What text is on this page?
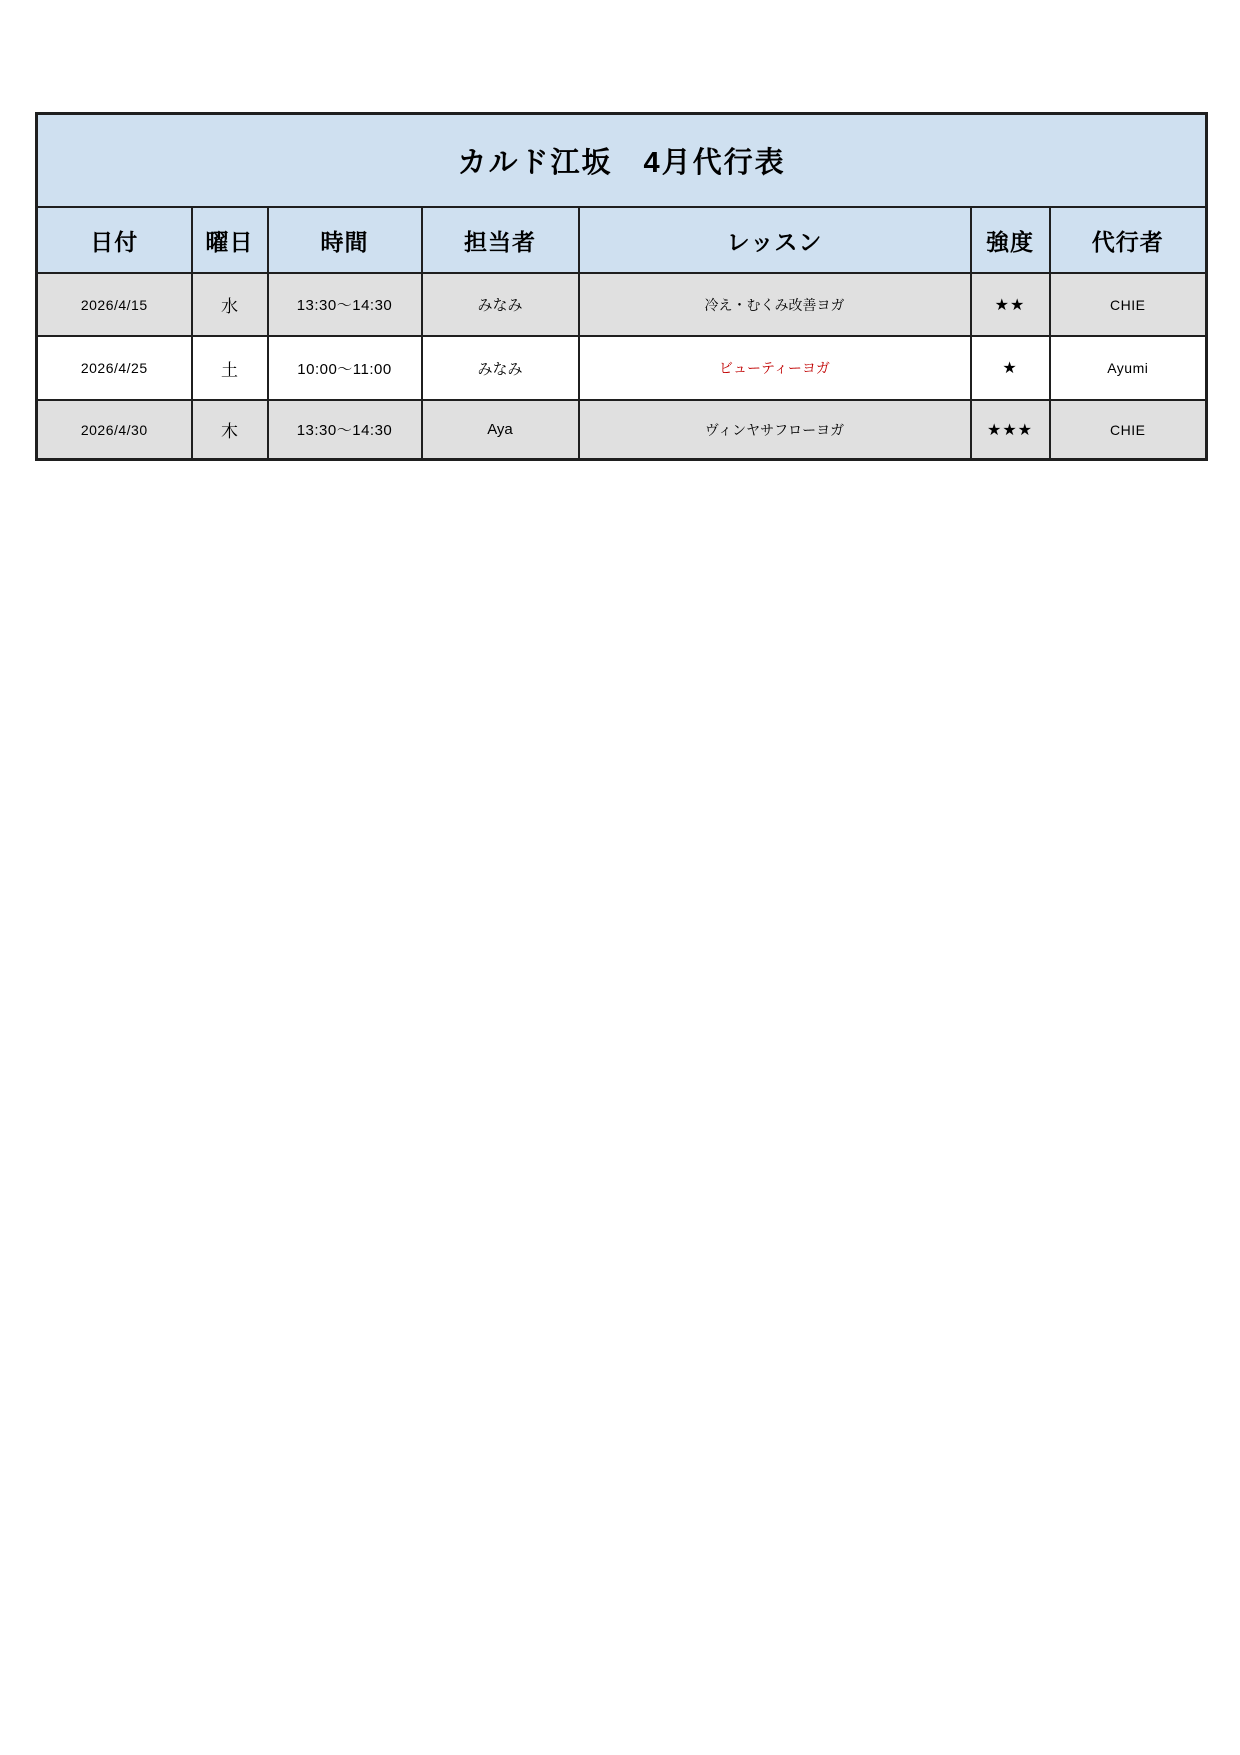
カルド江坂　4月代行表						
日付	曜日	時間	担当者	レッスン	強度	代行者
2026/4/15	水	13:30～14:30	みなみ	冷え・むくみ改善ヨガ	★★	CHIE
2026/4/25	土	10:00～11:00	みなみ	ビューティーヨガ	★	Ayumi
2026/4/30	木	13:30～14:30	Aya	ヴィンヤサフローヨガ	★★★	CHIE
